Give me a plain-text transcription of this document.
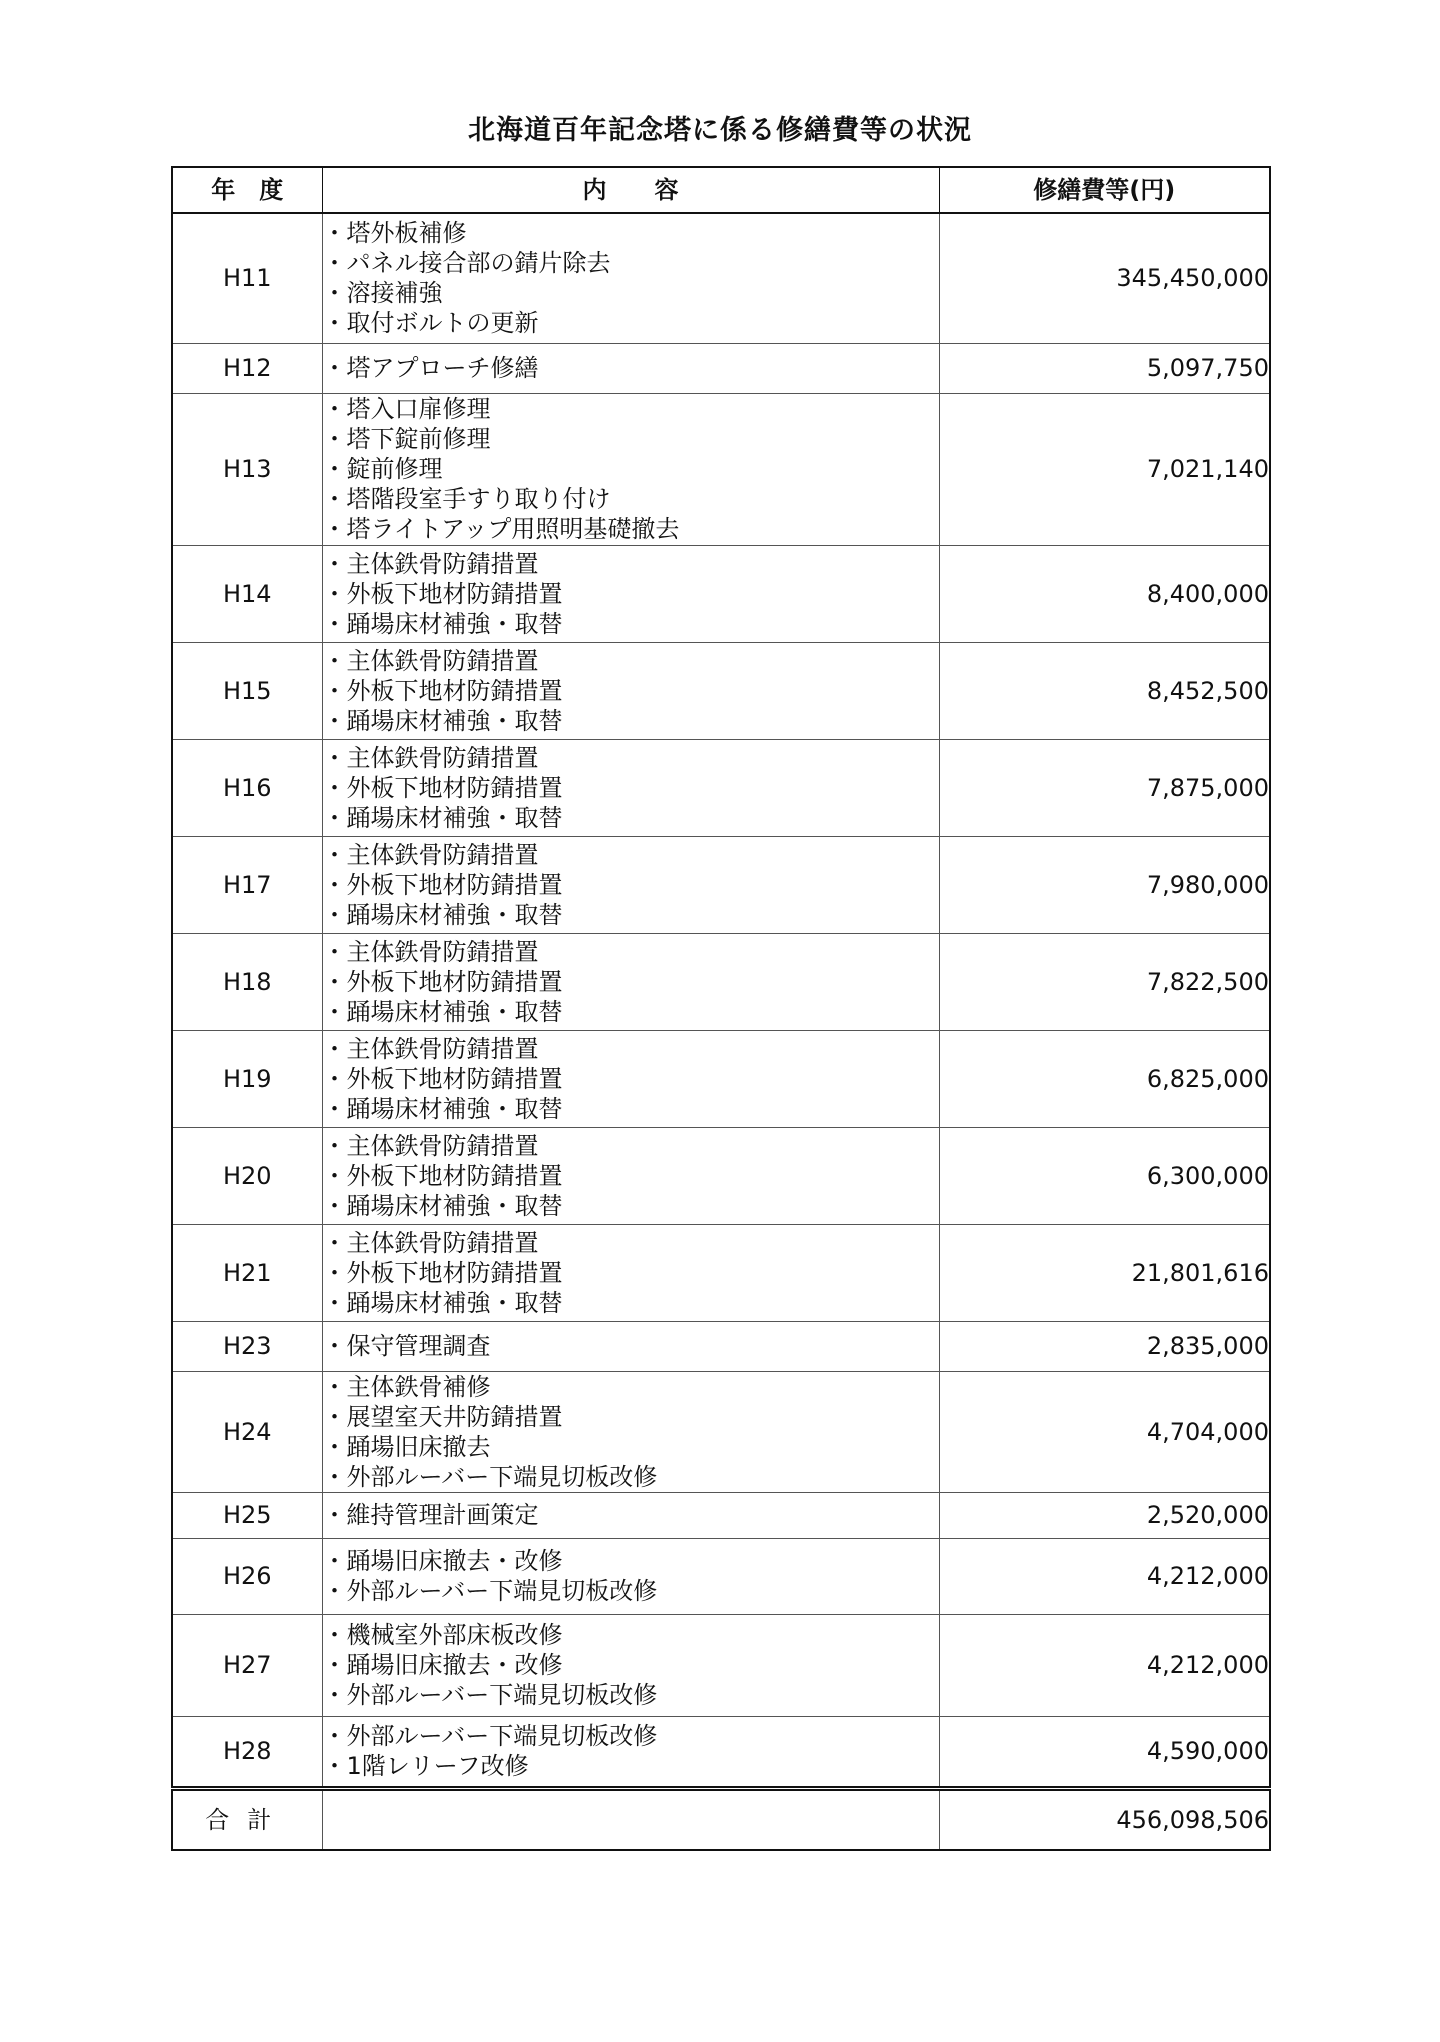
北海道百年記念塔に係る修繕費等の状況
年　度	内　　容	修繕費等(円)
H11	・塔外板補修
・パネル接合部の錆片除去
・溶接補強
・取付ボルトの更新	345,450,000
H12	・塔アプローチ修繕	5,097,750
H13	・塔入口扉修理
・塔下錠前修理
・錠前修理
・塔階段室手すり取り付け
・塔ライトアップ用照明基礎撤去	7,021,140
H14	・主体鉄骨防錆措置
・外板下地材防錆措置
・踊場床材補強・取替	8,400,000
H15	・主体鉄骨防錆措置
・外板下地材防錆措置
・踊場床材補強・取替	8,452,500
H16	・主体鉄骨防錆措置
・外板下地材防錆措置
・踊場床材補強・取替	7,875,000
H17	・主体鉄骨防錆措置
・外板下地材防錆措置
・踊場床材補強・取替	7,980,000
H18	・主体鉄骨防錆措置
・外板下地材防錆措置
・踊場床材補強・取替	7,822,500
H19	・主体鉄骨防錆措置
・外板下地材防錆措置
・踊場床材補強・取替	6,825,000
H20	・主体鉄骨防錆措置
・外板下地材防錆措置
・踊場床材補強・取替	6,300,000
H21	・主体鉄骨防錆措置
・外板下地材防錆措置
・踊場床材補強・取替	21,801,616
H23	・保守管理調査	2,835,000
H24	・主体鉄骨補修
・展望室天井防錆措置
・踊場旧床撤去
・外部ルーバー下端見切板改修	4,704,000
H25	・維持管理計画策定	2,520,000
H26	・踊場旧床撤去・改修
・外部ルーバー下端見切板改修	4,212,000
H27	・機械室外部床板改修
・踊場旧床撤去・改修
・外部ルーバー下端見切板改修	4,212,000
H28	・外部ルーバー下端見切板改修
・1階レリーフ改修	4,590,000
合計		456,098,506
